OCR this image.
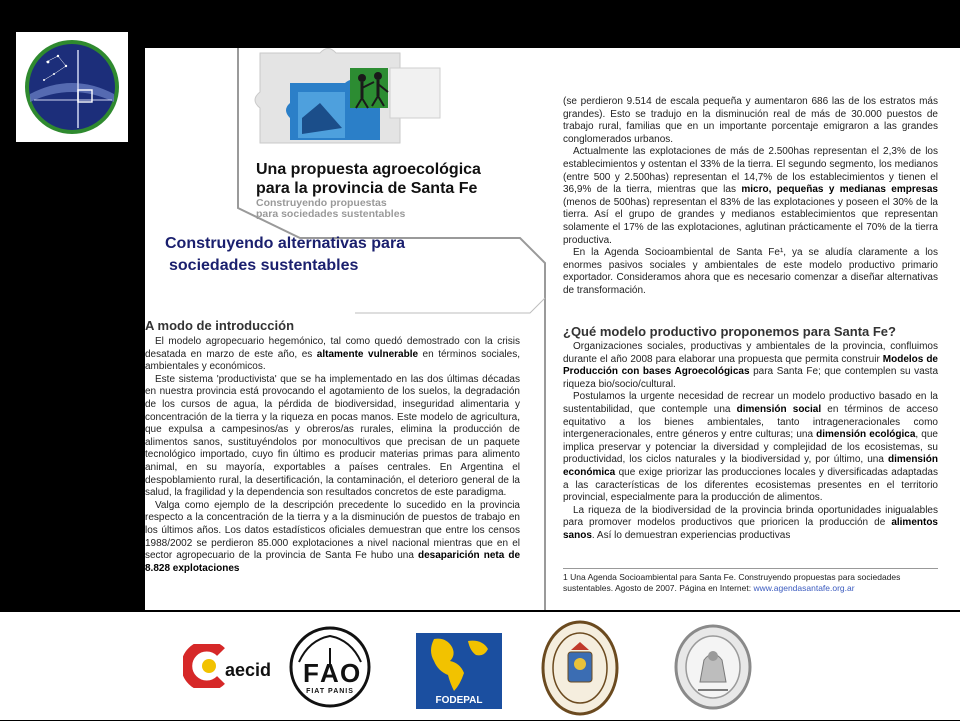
Una propuesta agroecológica
para la provincia de Santa Fe
Construyendo propuestas
para sociedades sustentables
Construyendo alternativas para
sociedades sustentables
A modo de introducción

El modelo agropecuario hegemónico, tal como quedó demostrado con la crisis desatada en marzo de este año, es altamente vulnerable en términos sociales, ambientales y económicos.

Este sistema 'productivista' que se ha implementado en las dos últimas décadas en nuestra provincia está provocando el agotamiento de los suelos, la degradación de los cursos de agua, la pérdida de biodiversidad, inseguridad alimentaria y concentración de la tierra y la riqueza en pocas manos. Este modelo de agricultura, que expulsa a campesinos/as y obreros/as rurales, elimina la producción de alimentos sanos, sustituyéndolos por monocultivos que precisan de un paquete tecnológico importado, cuyo fin último es producir materias primas para alimento animal, en su mayoría, exportables a países centrales. En Argentina el despoblamiento rural, la desertificación, la contaminación, el deterioro general de la salud, la fragilidad y la dependencia son resultados concretos de este paradigma.

Valga como ejemplo de la descripción precedente lo sucedido en la provincia respecto a la concentración de la tierra y a la disminución de puestos de trabajo en los últimos años. Los datos estadísticos oficiales demuestran que entre los censos 1988/2002 se perdieron 85.000 explotaciones a nivel nacional mientras que en el sector agropecuario de la provincia de Santa Fe hubo una desaparición neta de 8.828 explotaciones

(se perdieron 9.514 de escala pequeña y aumentaron 686 las de los estratos más grandes). Esto se tradujo en la disminución real de más de 30.000 puestos de trabajo rural, familias que en un importante porcentaje emigraron a las grandes conglomerados urbanos.

Actualmente las explotaciones de más de 2.500has representan el 2,3% de los establecimientos y ostentan el 33% de la tierra. El segundo segmento, los medianos (entre 500 y 2.500has) representan el 14,7% de los establecimientos y tienen el 36,9% de la tierra, mientras que las micro, pequeñas y medianas empresas (menos de 500has) representan el 83% de las explotaciones y poseen el 30% de la tierra. Así el grupo de grandes y medianos establecimientos que representan solamente el 17% de las explotaciones, aglutinan prácticamente el 70% de la tierra productiva.

En la Agenda Socioambiental de Santa Fe¹, ya se aludía claramente a los enormes pasivos sociales y ambientales de este modelo productivo primario exportador. Consideramos ahora que es necesario comenzar a diseñar alternativas de transformación.

¿Qué modelo productivo proponemos para Santa Fe?

Organizaciones sociales, productivas y ambientales de la provincia, confluimos durante el año 2008 para elaborar una propuesta que permita construir Modelos de Producción con bases Agroecológicas para Santa Fe; que contemplen su vasta riqueza bio/socio/cultural.

Postulamos la urgente necesidad de recrear un modelo productivo basado en la sustentabilidad, que contemple una dimensión social en términos de acceso equitativo a los bienes ambientales, tanto intrageneracionales como intergeneracionales, entre géneros y entre culturas; una dimensión ecológica, que implica preservar y potenciar la diversidad y complejidad de los ecosistemas, su productividad, los ciclos naturales y la biodiversidad y, por último, una dimensión económica que exige priorizar las producciones locales y diversificadas adaptadas a las características de los diferentes ecosistemas presentes en el territorio provincial, especialmente para la producción de alimentos.

La riqueza de la biodiversidad de la provincia brinda oportunidades inigualables para promover modelos productivos que prioricen la producción de alimentos sanos. Así lo demuestran experiencias productivas

1 Una Agenda Socioambiental para Santa Fe. Construyendo propuestas para sociedades sustentables. Agosto de 2007. Página en Internet: www.agendasantafe.org.ar
aecid F A O
FIAT PANIS
FODEPAL
